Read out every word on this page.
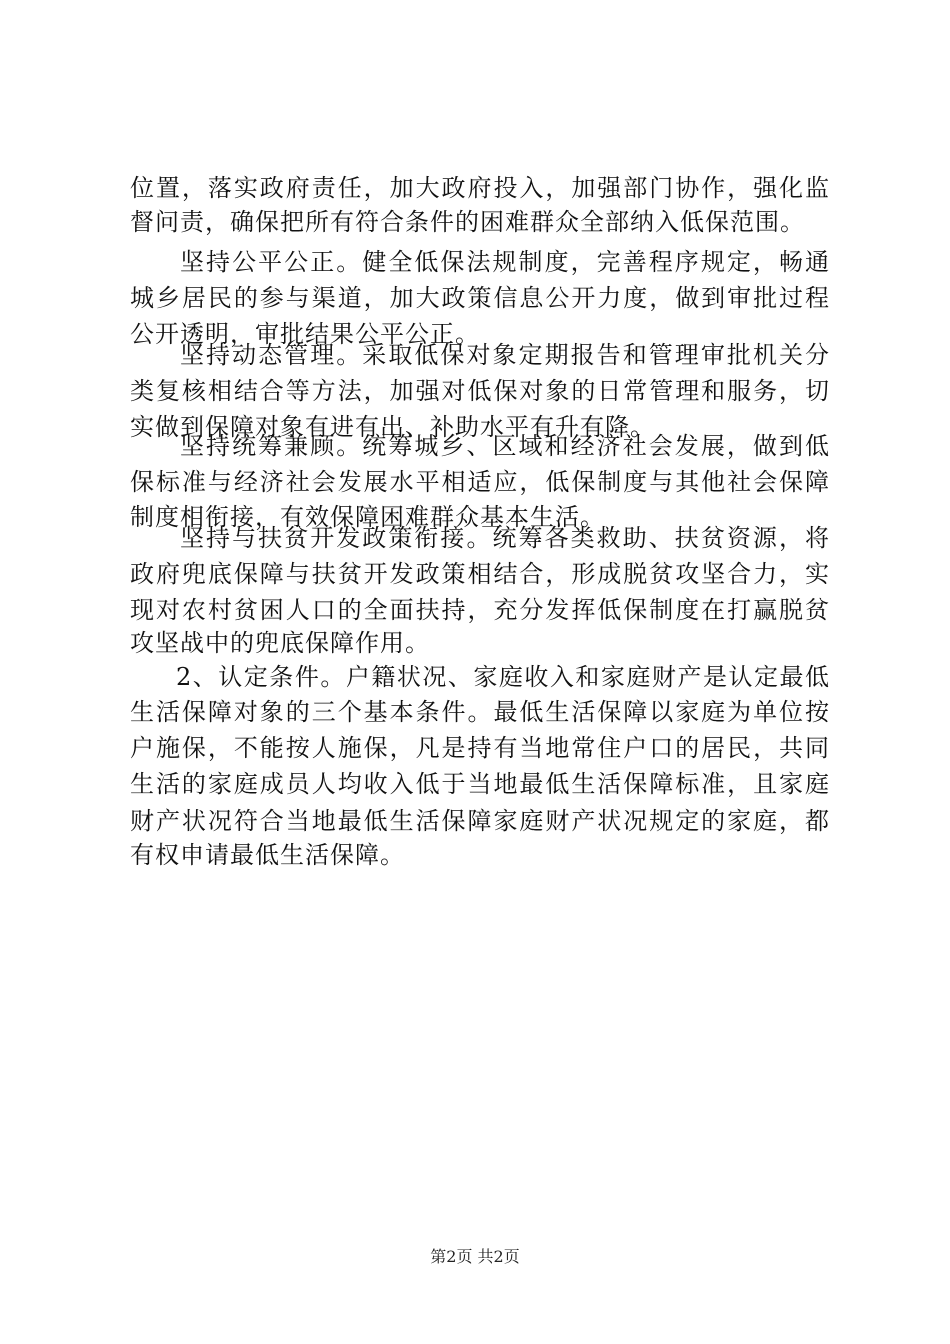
位置，落实政府责任，加大政府投入，加强部门协作，强化监
督问责，确保把所有符合条件的困难群众全部纳入低保范围。
坚持公平公正。健全低保法规制度，完善程序规定，畅通
城乡居民的参与渠道，加大政策信息公开力度，做到审批过程
公开透明，审批结果公平公正。
坚持动态管理。采取低保对象定期报告和管理审批机关分
类复核相结合等方法，加强对低保对象的日常管理和服务，切
实做到保障对象有进有出、补助水平有升有降。
坚持统筹兼顾。统筹城乡、区域和经济社会发展，做到低
保标准与经济社会发展水平相适应，低保制度与其他社会保障
制度相衔接，有效保障困难群众基本生活。
坚持与扶贫开发政策衔接。统筹各类救助、扶贫资源，将
政府兜底保障与扶贫开发政策相结合，形成脱贫攻坚合力，实
现对农村贫困人口的全面扶持，充分发挥低保制度在打赢脱贫
攻坚战中的兜底保障作用。
2、认定条件。户籍状况、家庭收入和家庭财产是认定最低
生活保障对象的三个基本条件。最低生活保障以家庭为单位按
户施保，不能按人施保，凡是持有当地常住户口的居民，共同
生活的家庭成员人均收入低于当地最低生活保障标准，且家庭
财产状况符合当地最低生活保障家庭财产状况规定的家庭，都
有权申请最低生活保障。
第2页 共2页
